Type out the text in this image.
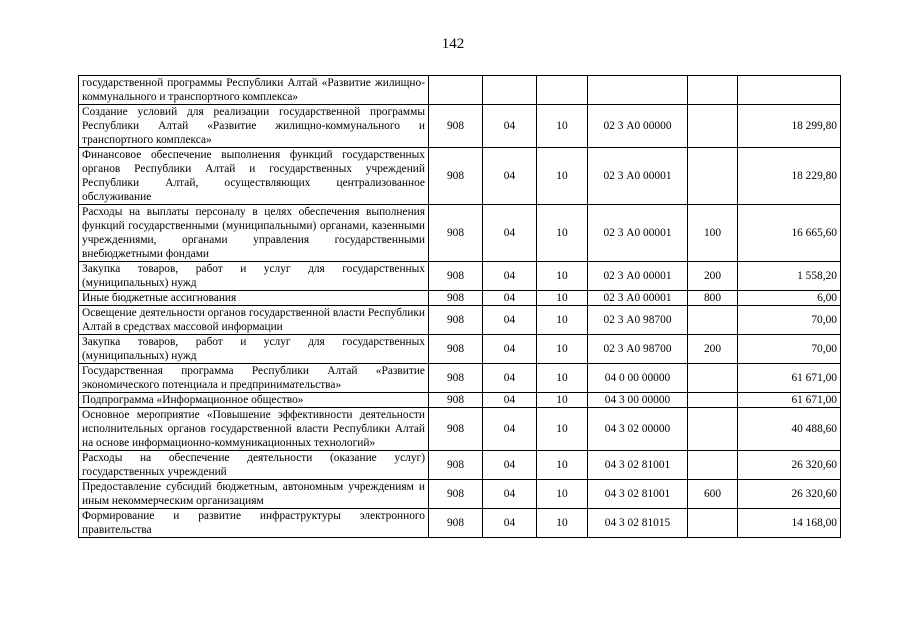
142
государственной программы Республики Алтай «Развитие жилищно-коммунального и транспортного комплекса»						
Создание условий для реализации государственной программы Республики Алтай «Развитие жилищно-коммунального и транспортного комплекса»	908	04	10	02 3 А0 00000		18 299,80
Финансовое обеспечение выполнения функций государственных органов Республики Алтай и государственных учреждений Республики Алтай, осуществляющих централизованное обслуживание	908	04	10	02 3 А0 00001		18 229,80
Расходы на выплаты персоналу в целях обеспечения выполнения функций государственными (муниципальными) органами, казенными учреждениями, органами управления государственными внебюджетными фондами	908	04	10	02 3 А0 00001	100	16 665,60
Закупка товаров, работ и услуг для государственных (муниципальных) нужд	908	04	10	02 3 А0 00001	200	1 558,20
Иные бюджетные ассигнования	908	04	10	02 3 А0 00001	800	6,00
Освещение деятельности органов государственной власти Республики Алтай в средствах массовой информации	908	04	10	02 3 А0 98700		70,00
Закупка товаров, работ и услуг для государственных (муниципальных) нужд	908	04	10	02 3 А0 98700	200	70,00
Государственная программа Республики Алтай «Развитие экономического потенциала и предпринимательства»	908	04	10	04 0 00 00000		61 671,00
Подпрограмма «Информационное общество»	908	04	10	04 3 00 00000		61 671,00
Основное мероприятие «Повышение эффективности деятельности исполнительных органов государственной власти Республики Алтай на основе информационно-коммуникационных технологий»	908	04	10	04 3 02 00000		40 488,60
Расходы на обеспечение деятельности (оказание услуг) государственных учреждений	908	04	10	04 3 02 81001		26 320,60
Предоставление субсидий бюджетным, автономным учреждениям и иным некоммерческим организациям	908	04	10	04 3 02 81001	600	26 320,60
Формирование и развитие инфраструктуры электронного правительства	908	04	10	04 3 02 81015		14 168,00
